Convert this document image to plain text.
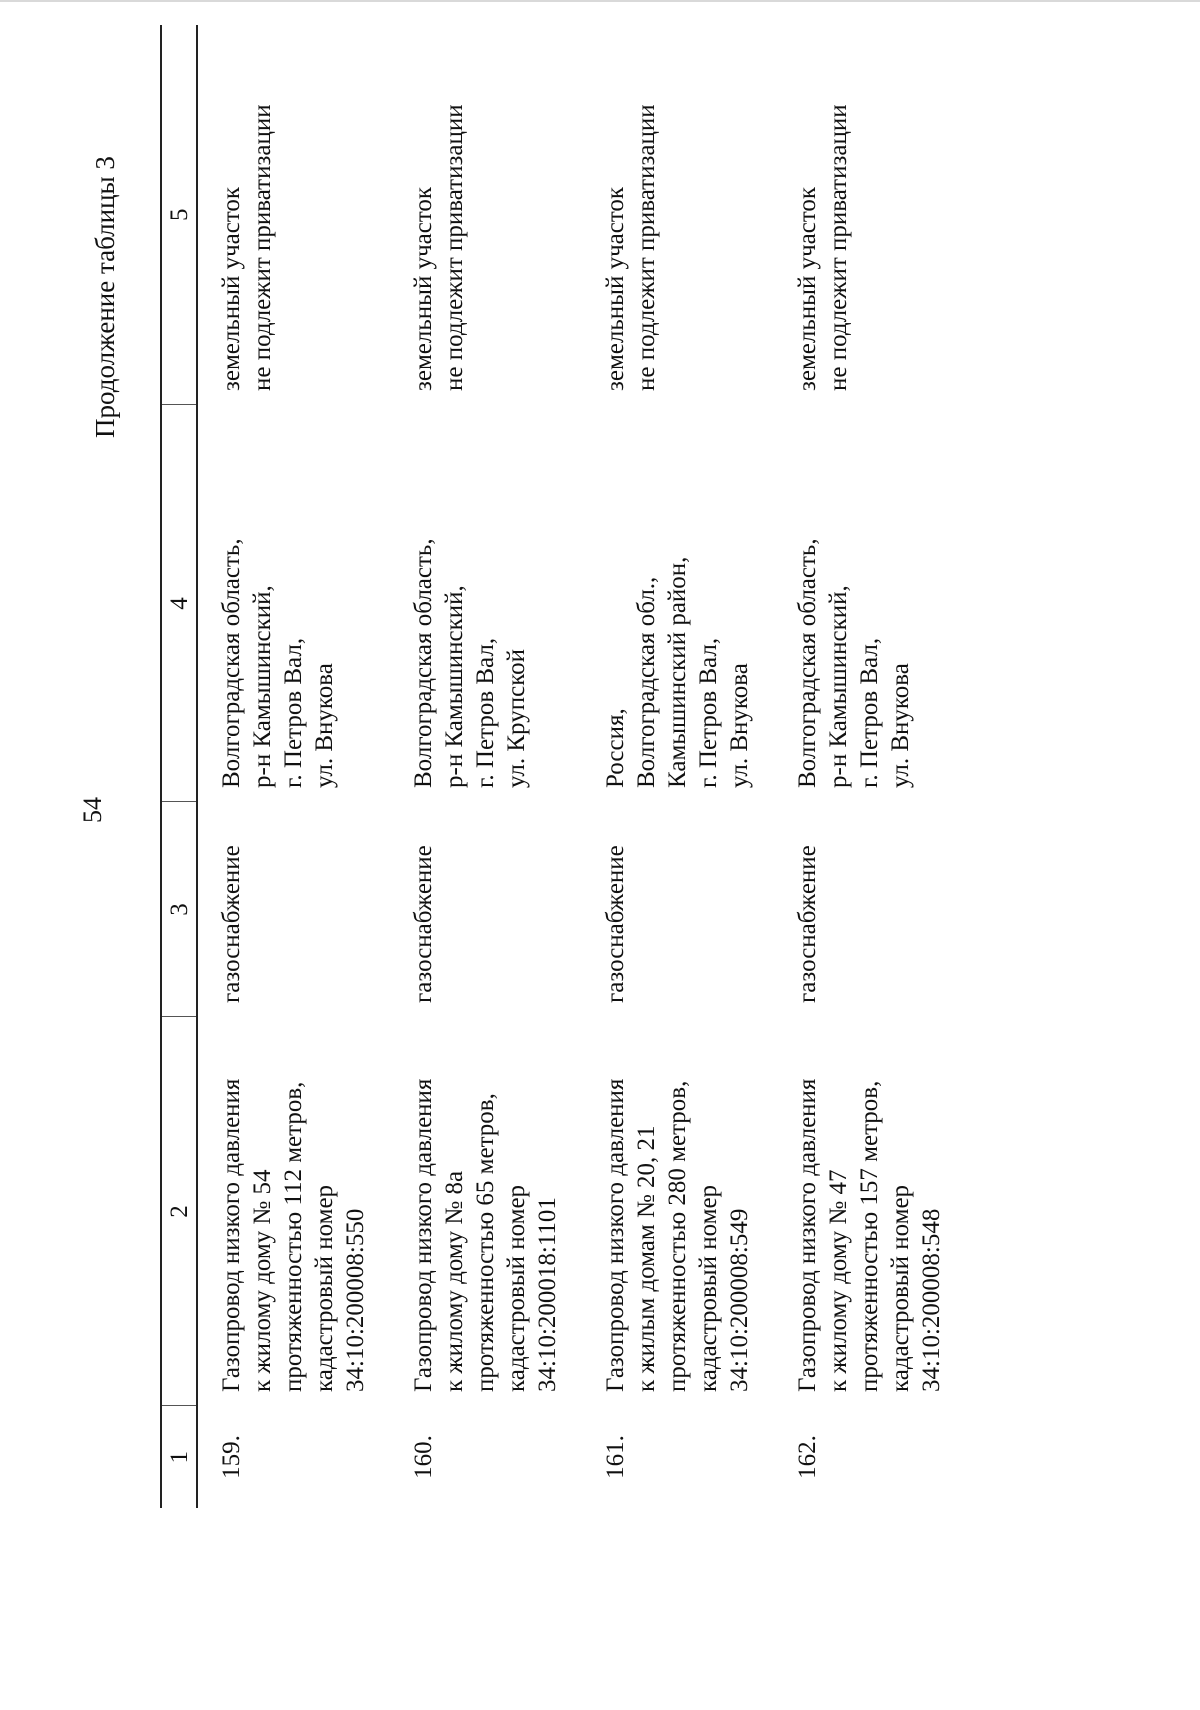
54
Продолжение таблицы 3
1	2	3	4	5
159.	Газопровод низкого давления к жилому дому № 54 протяженностью 112 метров, кадастровый номер 34:10:200008:550	газоснабжение	Волгоградская область, р-н Камышинский, г. Петров Вал, ул. Внукова	земельный участок не подлежит приватизации

160.	Газопровод низкого давления к жилому дому № 8а протяженностью 65 метров, кадастровый номер 34:10:200018:1101	газоснабжение	Волгоградская область, р-н Камышинский, г. Петров Вал, ул. Крупской	земельный участок не подлежит приватизации

161.	Газопровод низкого давления к жилым домам № 20, 21 протяженностью 280 метров, кадастровый номер 34:10:200008:549	газоснабжение	Россия, Волгоградская обл., Камышинский район, г. Петров Вал, ул. Внукова	земельный участок не подлежит приватизации

162.	Газопровод низкого давления к жилому дому № 47 протяженностью 157 метров, кадастровый номер 34:10:200008:548	газоснабжение	Волгоградская область, р-н Камышинский, г. Петров Вал, ул. Внукова	земельный участок не подлежит приватизации
